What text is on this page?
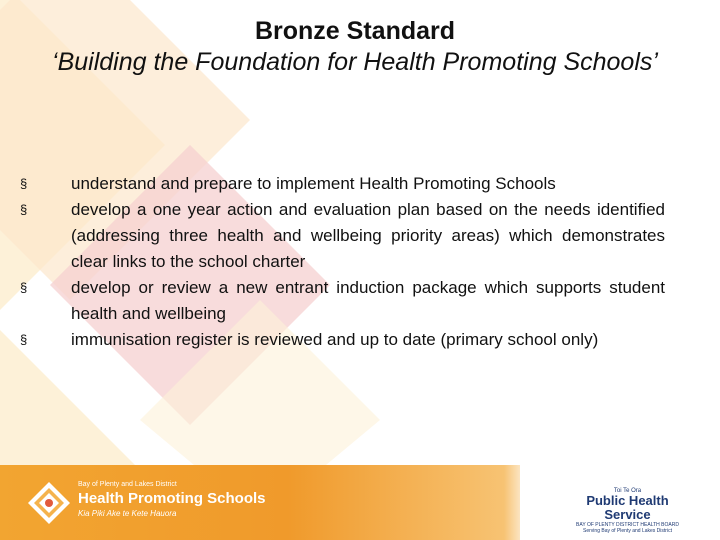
Bronze Standard
‘Building the Foundation for Health Promoting Schools’
§	understand and prepare to implement Health Promoting Schools
§	develop a one year action and evaluation plan based on the needs identified (addressing three health and wellbeing priority areas) which demonstrates clear links to the school charter
§	develop or review a new entrant induction package which supports student health and wellbeing
§	immunisation register is reviewed and up to date (primary school only)
Bay of Plenty and Lakes District
Health Promoting Schools
Kia Piki Ake te Kete Hauora
Toi Te Ora
Public Health Service
BAY OF PLENTY DISTRICT HEALTH BOARD
Serving Bay of Plenty and Lakes District
